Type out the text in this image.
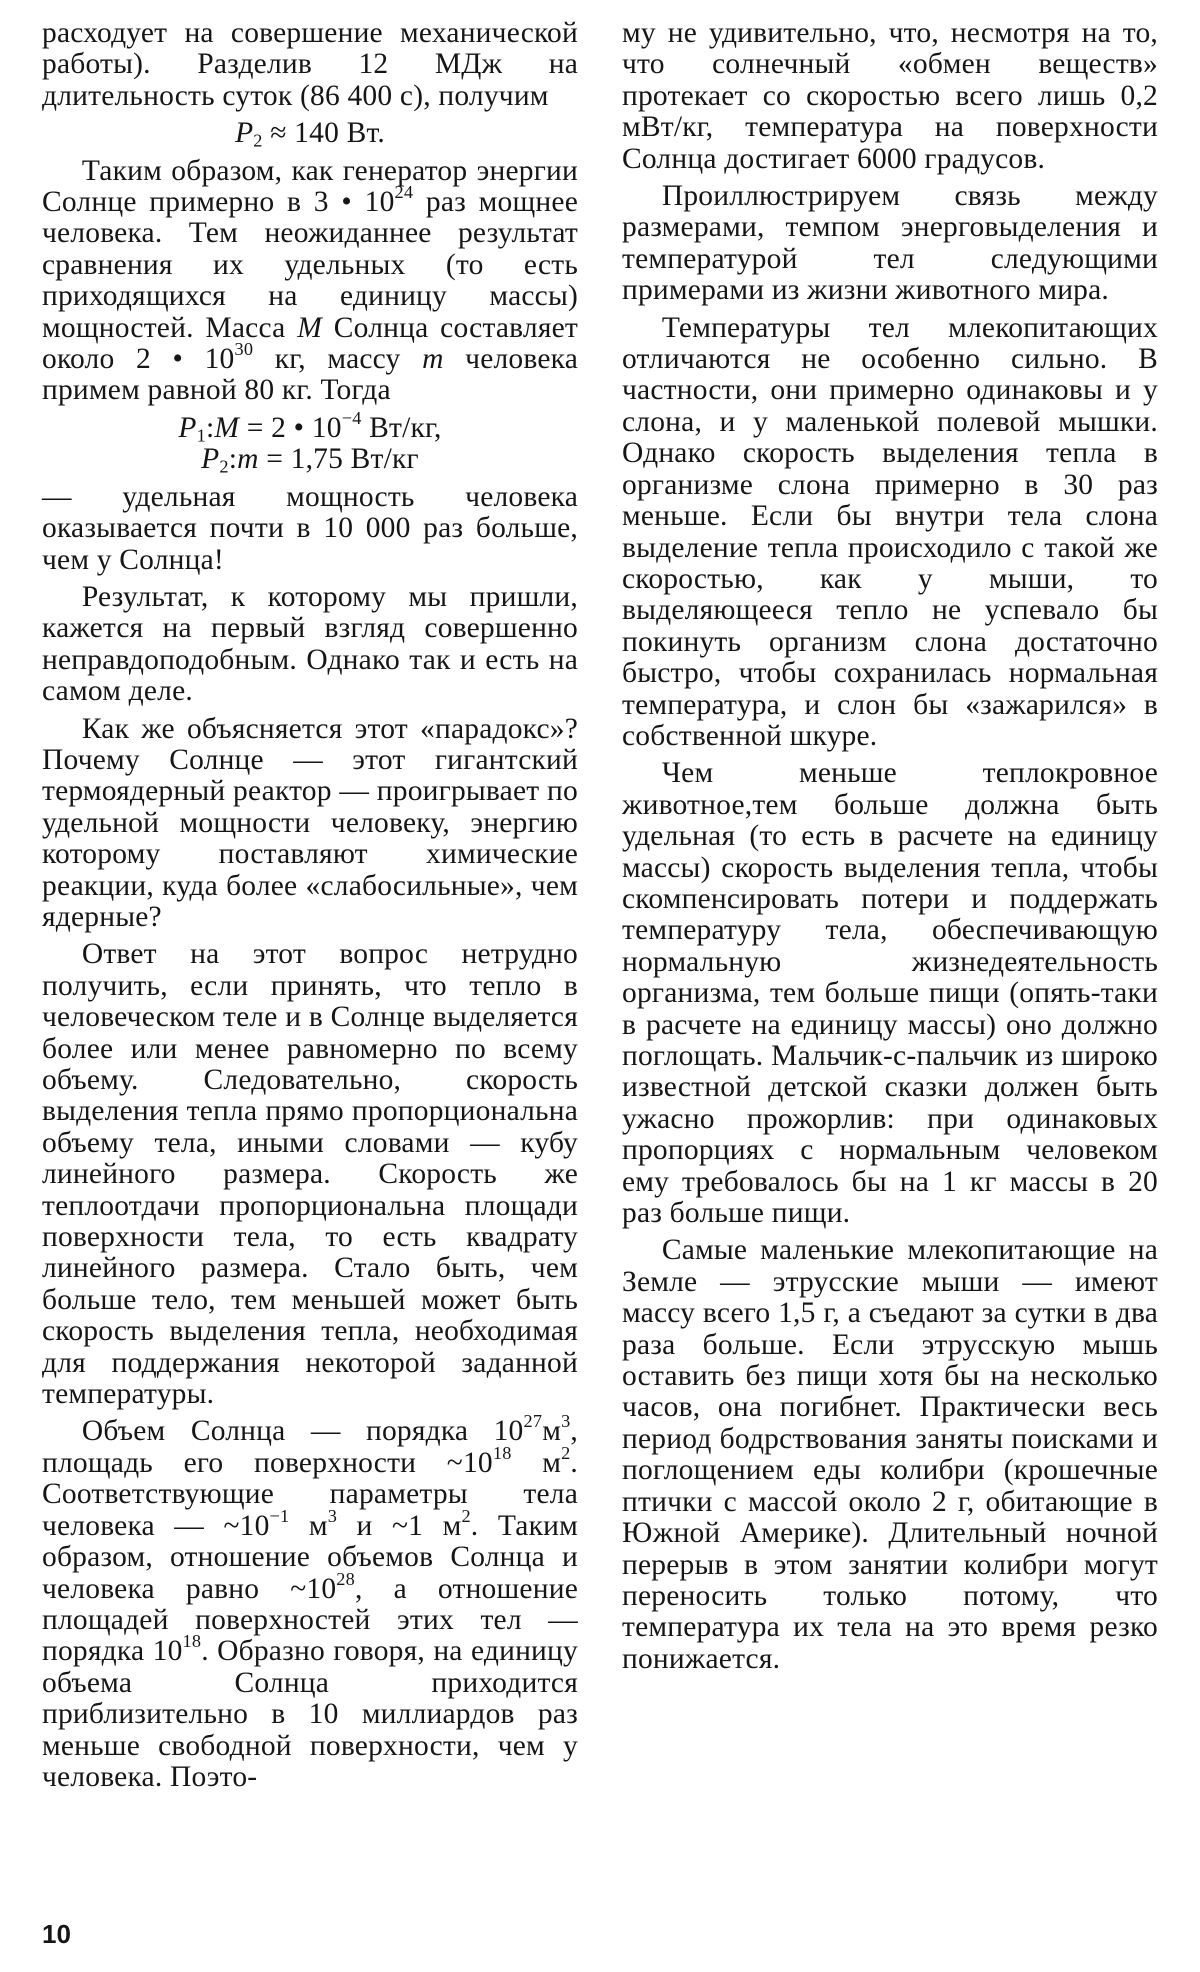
расходует на совершение механической работы). Разделив 12 МДж на длительность суток (86 400 с), получим

$P_2 \approx 140$ Вт.

Таким образом, как генератор энергии Солнце примерно в 3 • $10^{24}$ раз мощнее человека. Тем неожиданнее результат сравнения их удельных (то есть приходящихся на единицу массы) мощностей. Масса M Солнца составляет около 2 • $10^{30}$ кг, массу m человека примем равной 80 кг. Тогда

$P_1:M = 2$ • $10^{-4}$ Вт/кг,
$P_2:m = 1,75$ Вт/кг

— удельная мощность человека оказывается почти в 10 000 раз больше, чем у Солнца!

Результат, к которому мы пришли, кажется на первый взгляд совершенно неправдоподобным. Однако так и есть на самом деле.

Как же объясняется этот «парадокс»? Почему Солнце — этот гигантский термоядерный реактор — проигрывает по удельной мощности человеку, энергию которому поставляют химические реакции, куда более «слабосильные», чем ядерные?

Ответ на этот вопрос нетрудно получить, если принять, что тепло в человеческом теле и в Солнце выделяется более или менее равномерно по всему объему. Следовательно, скорость выделения тепла прямо пропорциональна объему тела, иными словами — кубу линейного размера. Скорость же теплоотдачи пропорциональна площади поверхности тела, то есть квадрату линейного размера. Стало быть, чем больше тело, тем меньшей может быть скорость выделения тепла, необходимая для поддержания некоторой заданной температуры.

Объем Солнца — порядка $10^{27}м^3$, площадь его поверхности $\sim 10^{18}$ $м^2$. Соответствующие параметры тела человека — $\sim 10^{-1}$ $м^3$ и ~1 $м^2$. Таким образом, отношение объемов Солнца и человека равно $\sim 10^{28}$, а отношение площадей поверхностей этих тел — порядка $10^{18}$. Образно говоря, на единицу объема Солнца приходится приблизительно в 10 миллиардов раз меньше свободной поверхности, чем у человека. Поэто-

му не удивительно, что, несмотря на то, что солнечный «обмен веществ» протекает со скоростью всего лишь 0,2 мВт/кг, температура на поверхности Солнца достигает 6000 градусов.

Проиллюстрируем связь между размерами, темпом энерговыделения и температурой тел следующими примерами из жизни животного мира.

Температуры тел млекопитающих отличаются не особенно сильно. В частности, они примерно одинаковы и у слона, и у маленькой полевой мышки. Однако скорость выделения тепла в организме слона примерно в 30 раз меньше. Если бы внутри тела слона выделение тепла происходило с такой же скоростью, как у мыши, то выделяющееся тепло не успевало бы покинуть организм слона достаточно быстро, чтобы сохранилась нормальная температура, и слон бы «зажарился» в собственной шкуре.

Чем меньше теплокровное животное,тем больше должна быть удельная (то есть в расчете на единицу массы) скорость выделения тепла, чтобы скомпенсировать потери и поддержать температуру тела, обеспечивающую нормальную жизнедеятельность организма, тем больше пищи (опять-таки в расчете на единицу массы) оно должно поглощать. Мальчик-с-пальчик из широко известной детской сказки должен быть ужасно прожорлив: при одинаковых пропорциях с нормальным человеком ему требовалось бы на 1 кг массы в 20 раз больше пищи.

Самые маленькие млекопитающие на Земле — этрусские мыши — имеют массу всего 1,5 г, а съедают за сутки в два раза больше. Если этрусскую мышь оставить без пищи хотя бы на несколько часов, она погибнет. Практически весь период бодрствования заняты поисками и поглощением еды колибри (крошечные птички с массой около 2 г, обитающие в Южной Америке). Длительный ночной перерыв в этом занятии колибри могут переносить только потому, что температура их тела на это время резко понижается.

10
